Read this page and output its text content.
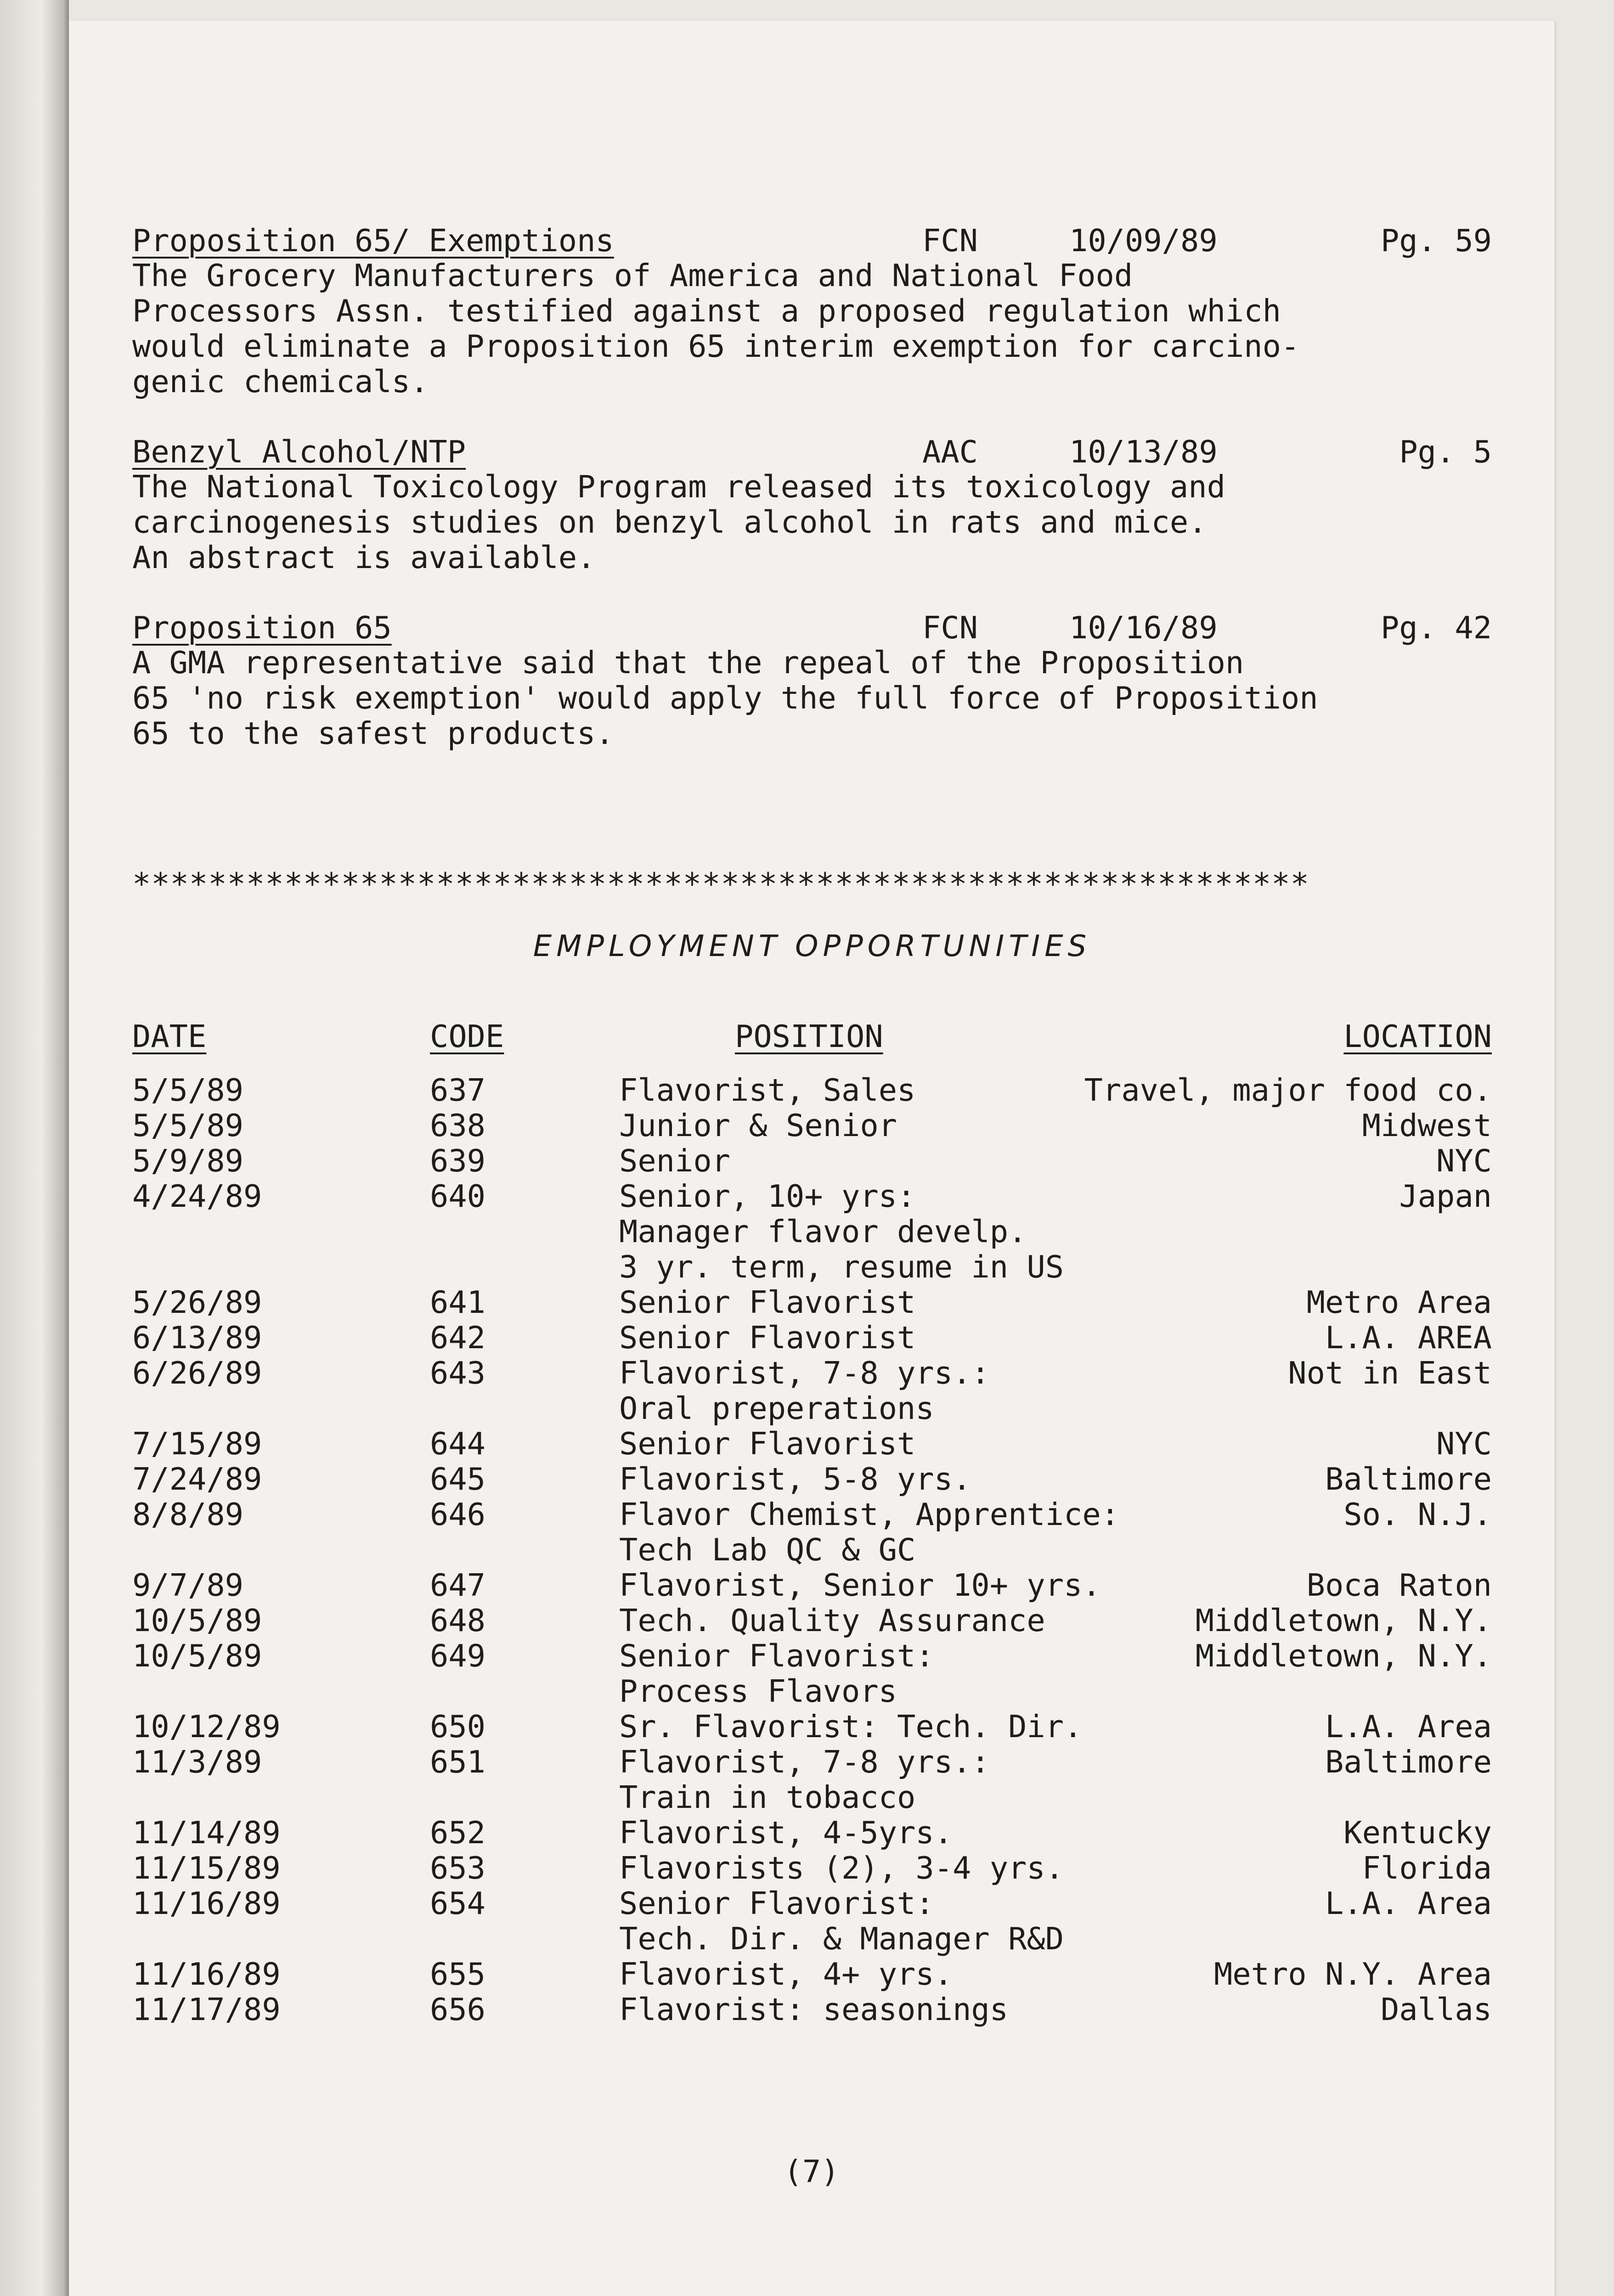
Proposition 65/ Exemptions	FCN	10/09/89	Pg. 59
The Grocery Manufacturers of America and National Food
Processors Assn. testified against a proposed regulation which
would eliminate a Proposition 65 interim exemption for carcino-
genic chemicals.
Benzyl Alcohol/NTP	AAC	10/13/89	Pg. 5
The National Toxicology Program released its toxicology and
carcinogenesis studies on benzyl alcohol in rats and mice.
An abstract is available.
Proposition 65	FCN	10/16/89	Pg. 42
A GMA representative said that the repeal of the Proposition
65 'no risk exemption' would apply the full force of Proposition
65 to the safest products.
**************************************************************
EMPLOYMENT OPPORTUNITIES
DATE	CODE	POSITION	LOCATION
5/5/89	637	Flavorist, Sales	Travel, major food co.
5/5/89	638	Junior & Senior	Midwest
5/9/89	639	Senior	NYC
4/24/89	640	Senior, 10+ yrs:	Japan
Manager flavor develp.
3 yr. term, resume in US
5/26/89	641	Senior Flavorist	Metro Area
6/13/89	642	Senior Flavorist	L.A. AREA
6/26/89	643	Flavorist, 7-8 yrs.:	Not in East
Oral preperations
7/15/89	644	Senior Flavorist	NYC
7/24/89	645	Flavorist, 5-8 yrs.	Baltimore
8/8/89	646	Flavor Chemist, Apprentice:	So. N.J.
Tech Lab QC & GC
9/7/89	647	Flavorist, Senior 10+ yrs.	Boca Raton
10/5/89	648	Tech. Quality Assurance	Middletown, N.Y.
10/5/89	649	Senior Flavorist:	Middletown, N.Y.
Process Flavors
10/12/89	650	Sr. Flavorist: Tech. Dir.	L.A. Area
11/3/89	651	Flavorist, 7-8 yrs.:	Baltimore
Train in tobacco
11/14/89	652	Flavorist, 4-5yrs.	Kentucky
11/15/89	653	Flavorists (2), 3-4 yrs.	Florida
11/16/89	654	Senior Flavorist:	L.A. Area
Tech. Dir. & Manager R&D
11/16/89	655	Flavorist, 4+ yrs.	Metro N.Y. Area
11/17/89	656	Flavorist: seasonings	Dallas
(7)
